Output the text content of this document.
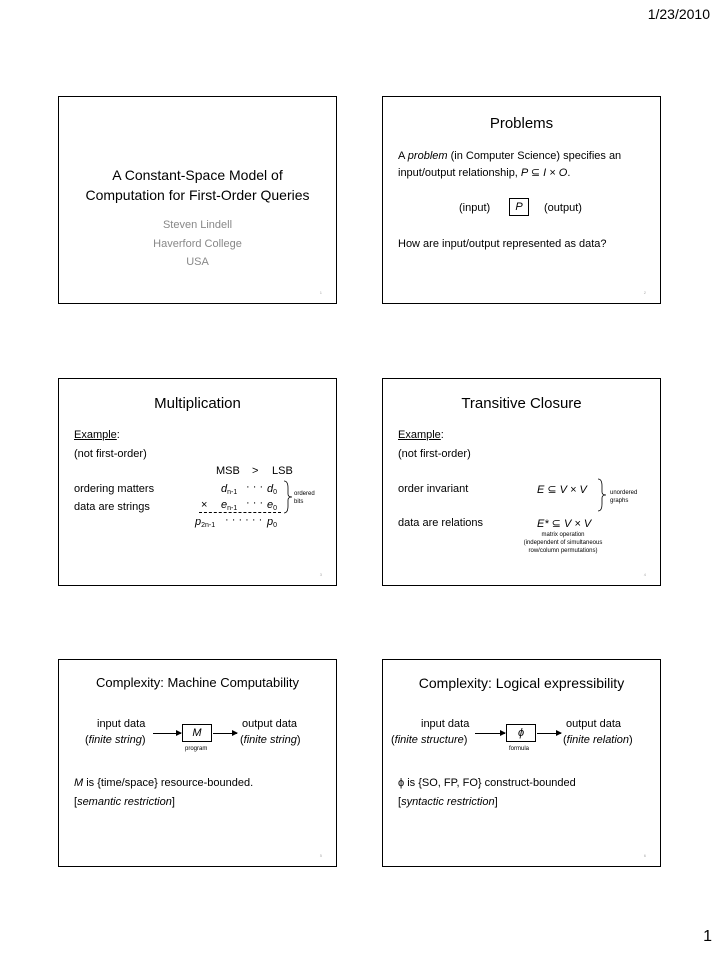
1/23/2010
A Constant-Space Model of
Computation for First-Order Queries
Steven Lindell
Haverford College
USA
1
Problems
A problem (in Computer Science) specifies an
input/output relationship, P ⊆ I × O.
(input)	P	(output)
How are input/output represented as data?
2
Multiplication
Example:
(not first-order)
MSB > LSB
ordering matters
data are strings
$d_{n-1}$ · · · $d_0$
× $e_{n-1}$ · · · $e_0$
$p_{2n-1}$ · · · · · · $p_0$
ordered
bits
3
Transitive Closure
Example:
(not first-order)
order invariant	E ⊆ V × V	unordered
graphs
data are relations	E* ⊆ V × V
matrix operation
(independent of simultaneous
row/column permutations)
4
Complexity: Machine Computability
input data
(finite string)
M
program
output data
(finite string)
M is {time/space} resource-bounded.
[semantic restriction]
5
Complexity: Logical expressibility
input data
(finite structure)
ϕ
formula
output data
(finite relation)
ϕ is {SO, FP, FO} construct-bounded
[syntactic restriction]
6
1
